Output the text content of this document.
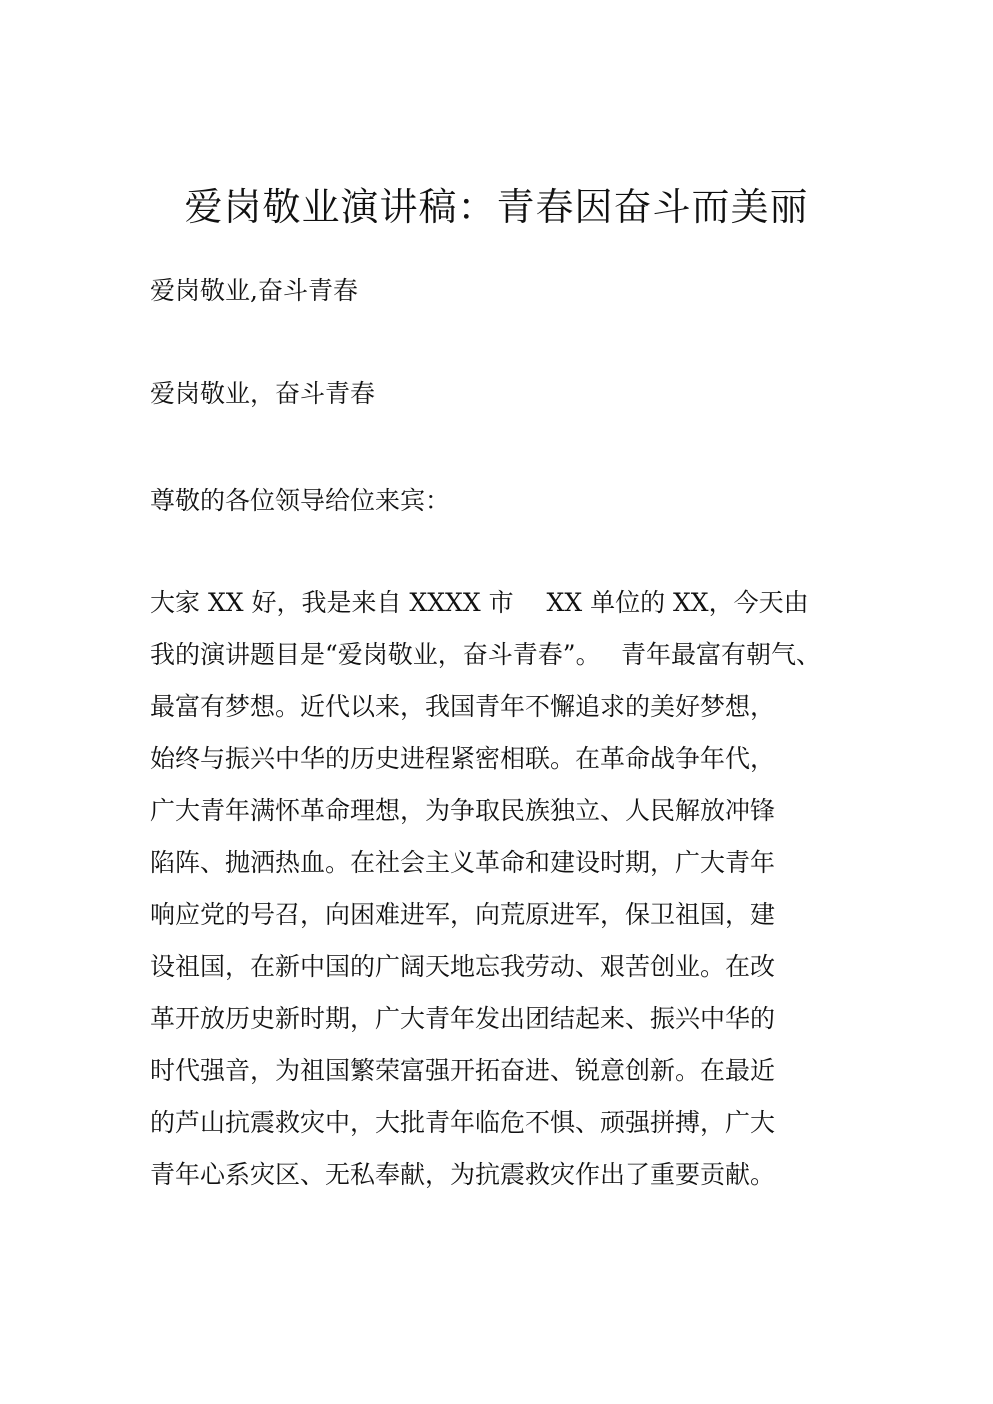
爱岗敬业演讲稿：青春因奋斗而美丽

爱岗敬业,奋斗青春

爱岗敬业，奋斗青春

尊敬的各位领导给位来宾：

大家 XX 好，我是来自 XXXX 市　 XX 单位的 XX，今天由

我的演讲题目是“爱岗敬业，奋斗青春”。　 青年最富有朝气、

最富有梦想。近代以来，我国青年不懈追求的美好梦想，

始终与振兴中华的历史进程紧密相联。在革命战争年代，

广大青年满怀革命理想，为争取民族独立、人民解放冲锋

陷阵、抛洒热血。在社会主义革命和建设时期，广大青年

响应党的号召，向困难进军，向荒原进军，保卫祖国，建

设祖国，在新中国的广阔天地忘我劳动、艰苦创业。在改

革开放历史新时期，广大青年发出团结起来、振兴中华的

时代强音，为祖国繁荣富强开拓奋进、锐意创新。在最近

的芦山抗震救灾中，大批青年临危不惧、顽强拼搏，广大

青年心系灾区、无私奉献，为抗震救灾作出了重要贡献。
